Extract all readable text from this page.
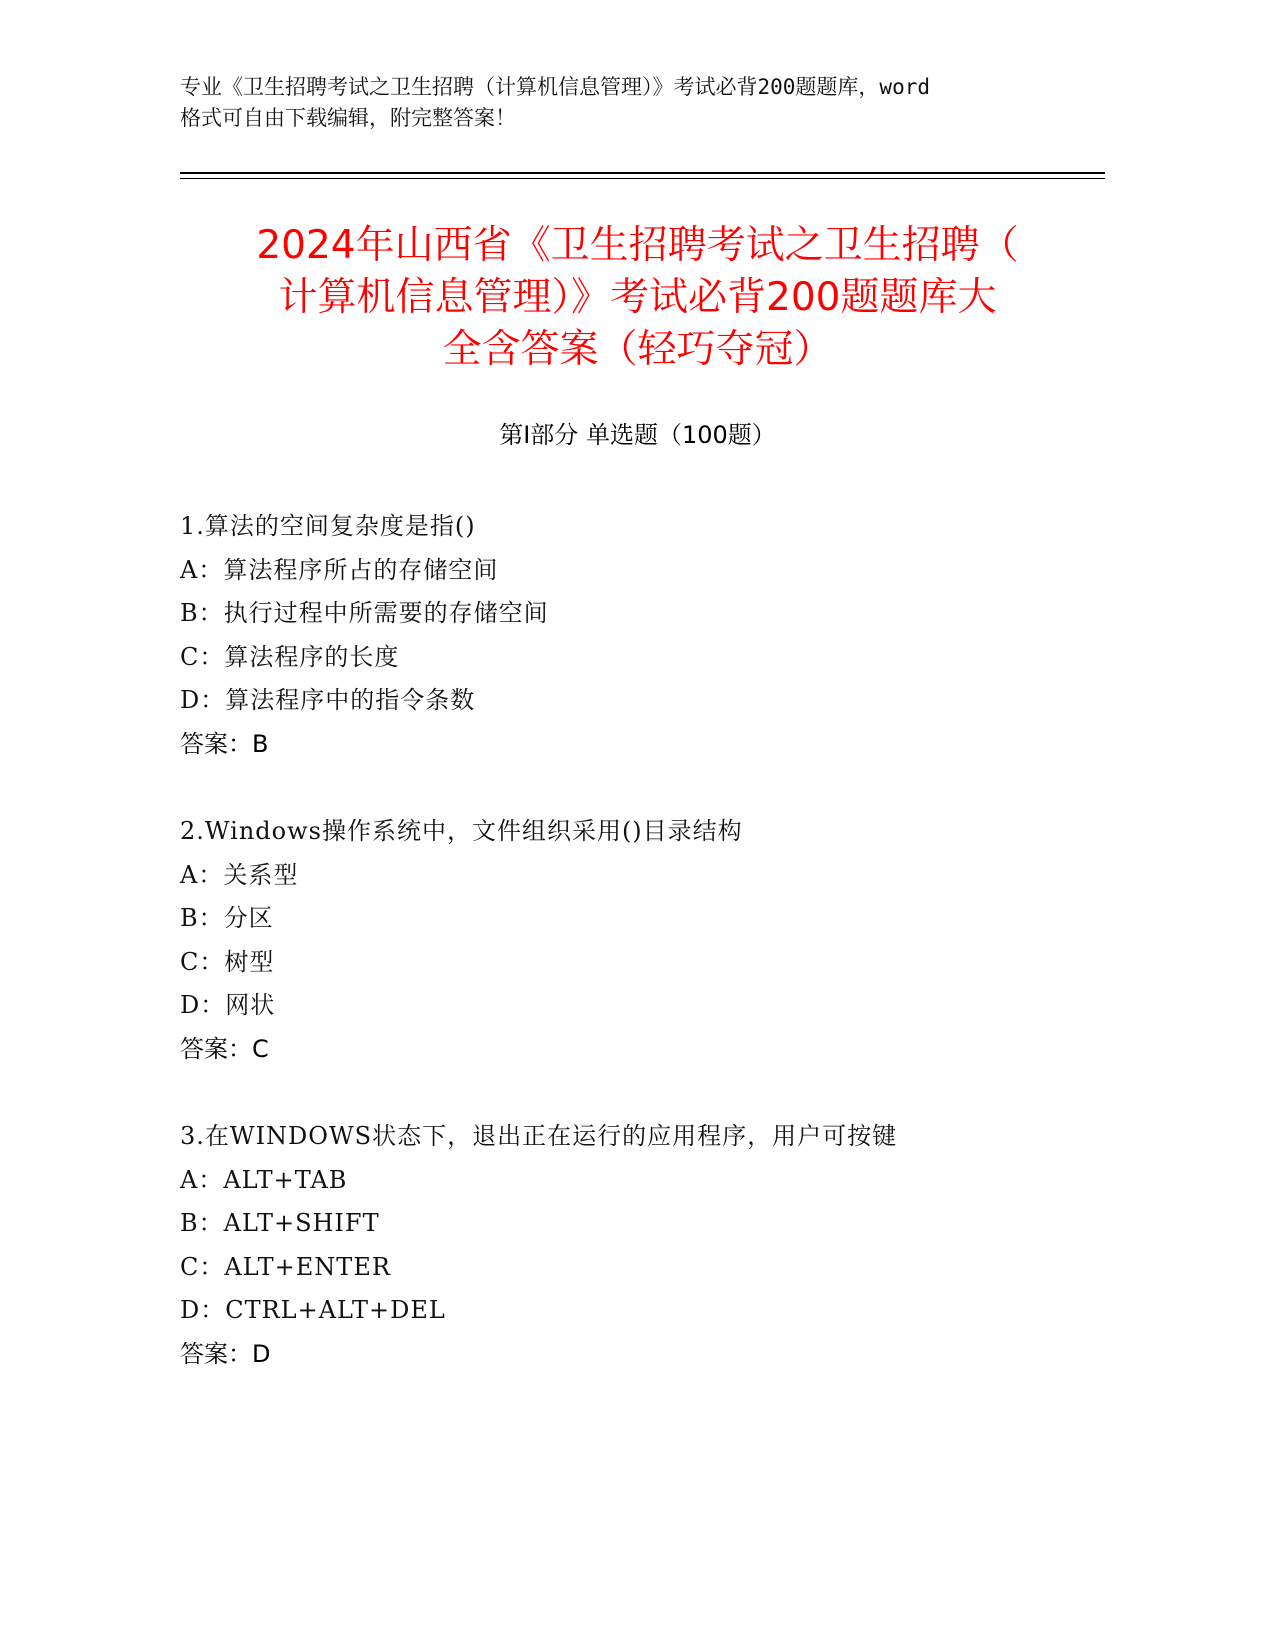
专业《卫生招聘考试之卫生招聘（计算机信息管理）》考试必背200题题库，word
格式可自由下载编辑，附完整答案！
2024年山西省《卫生招聘考试之卫生招聘（
计算机信息管理）》考试必背200题题库大
全含答案（轻巧夺冠）
第Ⅰ部分 单选题（100题）
1.算法的空间复杂度是指()
A：算法程序所占的存储空间
B：执行过程中所需要的存储空间
C：算法程序的长度
D：算法程序中的指令条数
答案：B
2.Windows操作系统中，文件组织采用()目录结构
A：关系型
B：分区
C：树型
D：网状
答案：C
3.在WINDOWS状态下，退出正在运行的应用程序，用户可按键
A：ALT+TAB
B：ALT+SHIFT
C：ALT+ENTER
D：CTRL+ALT+DEL
答案：D
